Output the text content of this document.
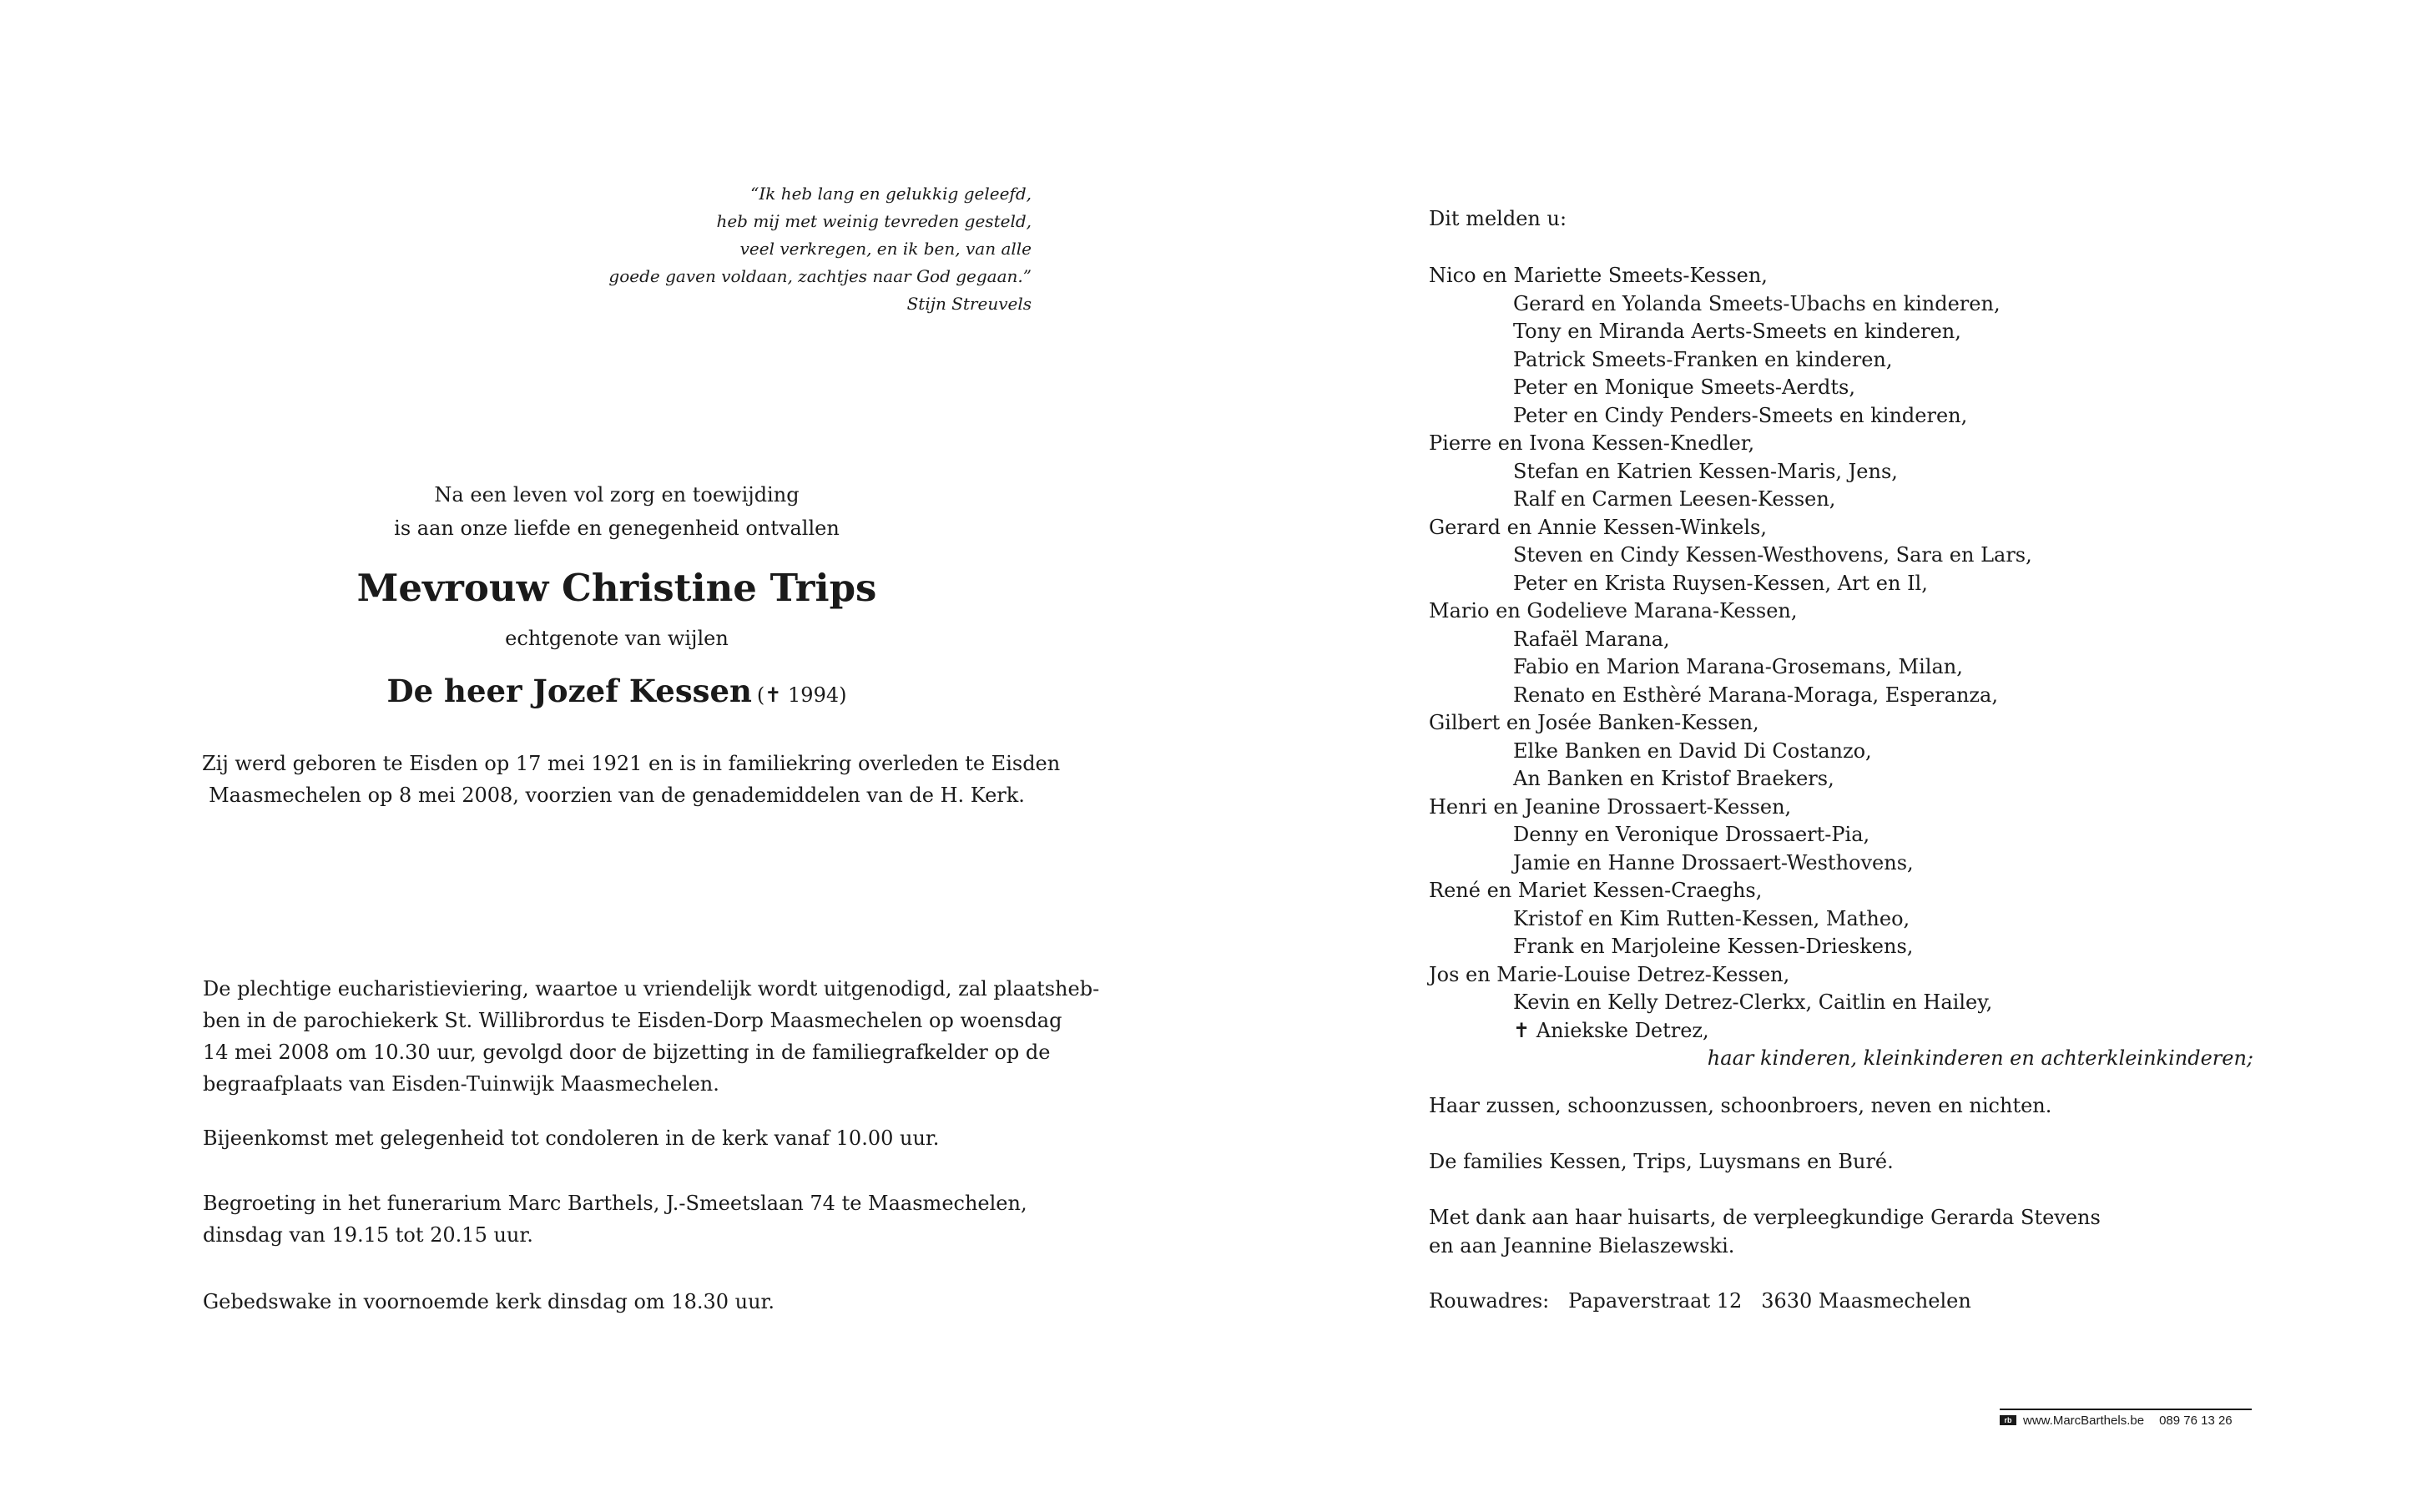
“Ik heb lang en gelukkig geleefd,
heb mij met weinig tevreden gesteld,
veel verkregen, en ik ben, van alle
goede gaven voldaan, zachtjes naar God gegaan.”
Stijn Streuvels
Na een leven vol zorg en toewijding
is aan onze liefde en genegenheid ontvallen
Mevrouw Christine Trips
echtgenote van wijlen
De heer Jozef Kessen (✝ 1994)
Zij werd geboren te Eisden op 17 mei 1921 en is in familiekring overleden te Eisden
Maasmechelen op 8 mei 2008, voorzien van de genademiddelen van de H. Kerk.
De plechtige eucharistieviering, waartoe u vriendelijk wordt uitgenodigd, zal plaatsheb-
ben in de parochiekerk St. Willibrordus te Eisden-Dorp Maasmechelen op woensdag
14 mei 2008 om 10.30 uur, gevolgd door de bijzetting in de familiegrafkelder op de
begraafplaats van Eisden-Tuinwijk Maasmechelen.
Bijeenkomst met gelegenheid tot condoleren in de kerk vanaf 10.00 uur.
Begroeting in het funerarium Marc Barthels, J.-Smeetslaan 74 te Maasmechelen,
dinsdag van 19.15 tot 20.15 uur.
Gebedswake in voornoemde kerk dinsdag om 18.30 uur.
Dit melden u:
Nico en Mariette Smeets-Kessen,
Gerard en Yolanda Smeets-Ubachs en kinderen,
Tony en Miranda Aerts-Smeets en kinderen,
Patrick Smeets-Franken en kinderen,
Peter en Monique Smeets-Aerdts,
Peter en Cindy Penders-Smeets en kinderen,
Pierre en Ivona Kessen-Knedler,
Stefan en Katrien Kessen-Maris, Jens,
Ralf en Carmen Leesen-Kessen,
Gerard en Annie Kessen-Winkels,
Steven en Cindy Kessen-Westhovens, Sara en Lars,
Peter en Krista Ruysen-Kessen, Art en Il,
Mario en Godelieve Marana-Kessen,
Rafaël Marana,
Fabio en Marion Marana-Grosemans, Milan,
Renato en Esthèré Marana-Moraga, Esperanza,
Gilbert en Josée Banken-Kessen,
Elke Banken en David Di Costanzo,
An Banken en Kristof Braekers,
Henri en Jeanine Drossaert-Kessen,
Denny en Veronique Drossaert-Pia,
Jamie en Hanne Drossaert-Westhovens,
René en Mariet Kessen-Craeghs,
Kristof en Kim Rutten-Kessen, Matheo,
Frank en Marjoleine Kessen-Drieskens,
Jos en Marie-Louise Detrez-Kessen,
Kevin en Kelly Detrez-Clerkx, Caitlin en Hailey,
✝ Aniekske Detrez,
haar kinderen, kleinkinderen en achterkleinkinderen;
Haar zussen, schoonzussen, schoonbroers, neven en nichten.
De families Kessen, Trips, Luysmans en Buré.
Met dank aan haar huisarts, de verpleegkundige Gerarda Stevens
en aan Jeannine Bielaszewski.
Rouwadres:   Papaverstraat 12   3630 Maasmechelen
rb www.MarcBarthels.be 089 76 13 26
